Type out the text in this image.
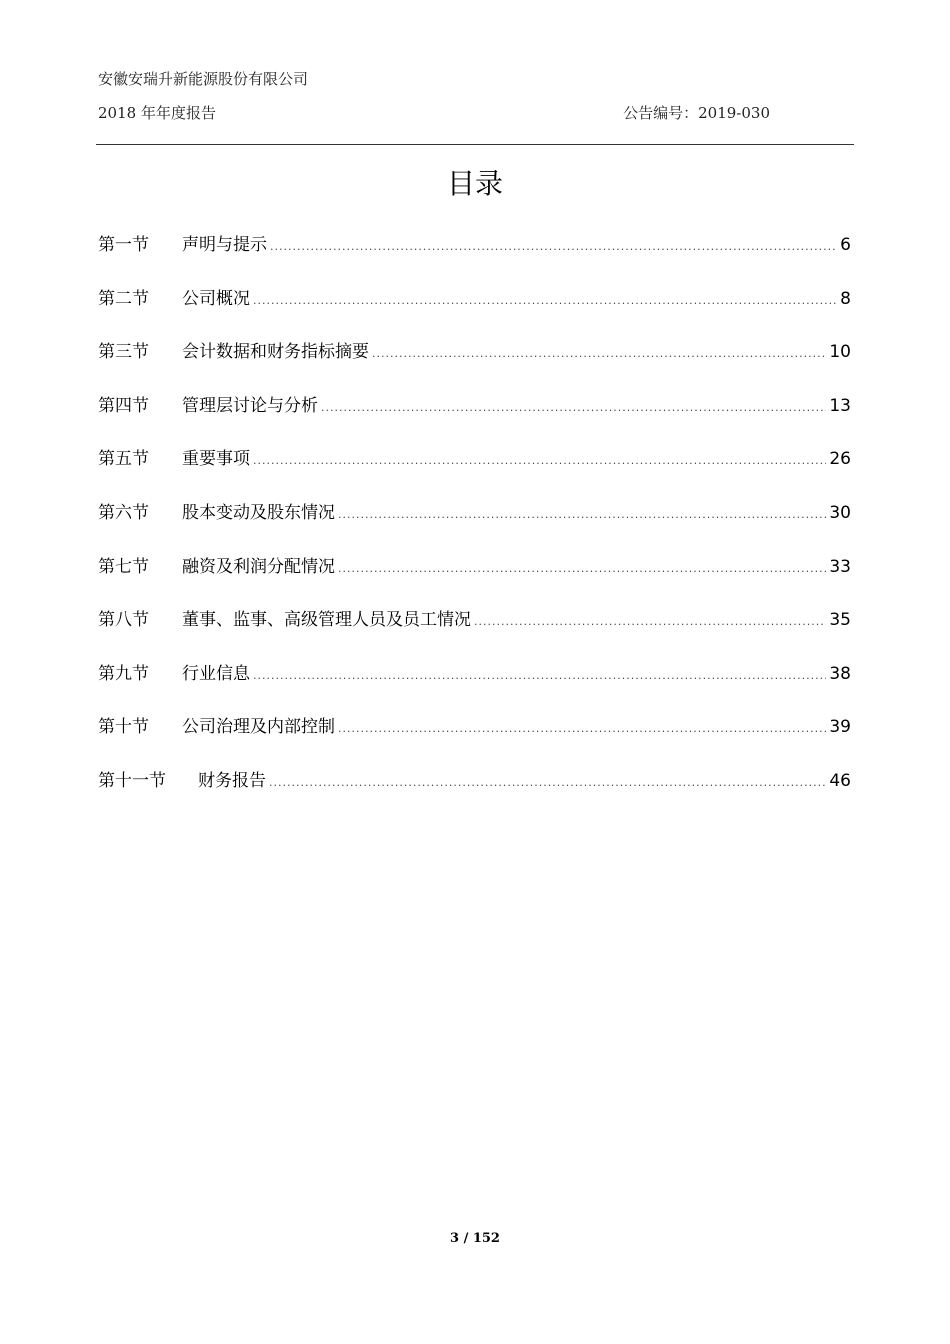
安徽安瑞升新能源股份有限公司
2018 年年度报告	公告编号：2019-030
目录
第一节	声明与提示 .....	6
第二节	公司概况 .....	8
第三节	会计数据和财务指标摘要 .....	10
第四节	管理层讨论与分析 .....	13
第五节	重要事项 .....	26
第六节	股本变动及股东情况 .....	30
第七节	融资及利润分配情况 .....	33
第八节	董事、监事、高级管理人员及员工情况 .....	35
第九节	行业信息 .....	38
第十节	公司治理及内部控制 .....	39
第十一节	财务报告 .....	46
3 / 152
